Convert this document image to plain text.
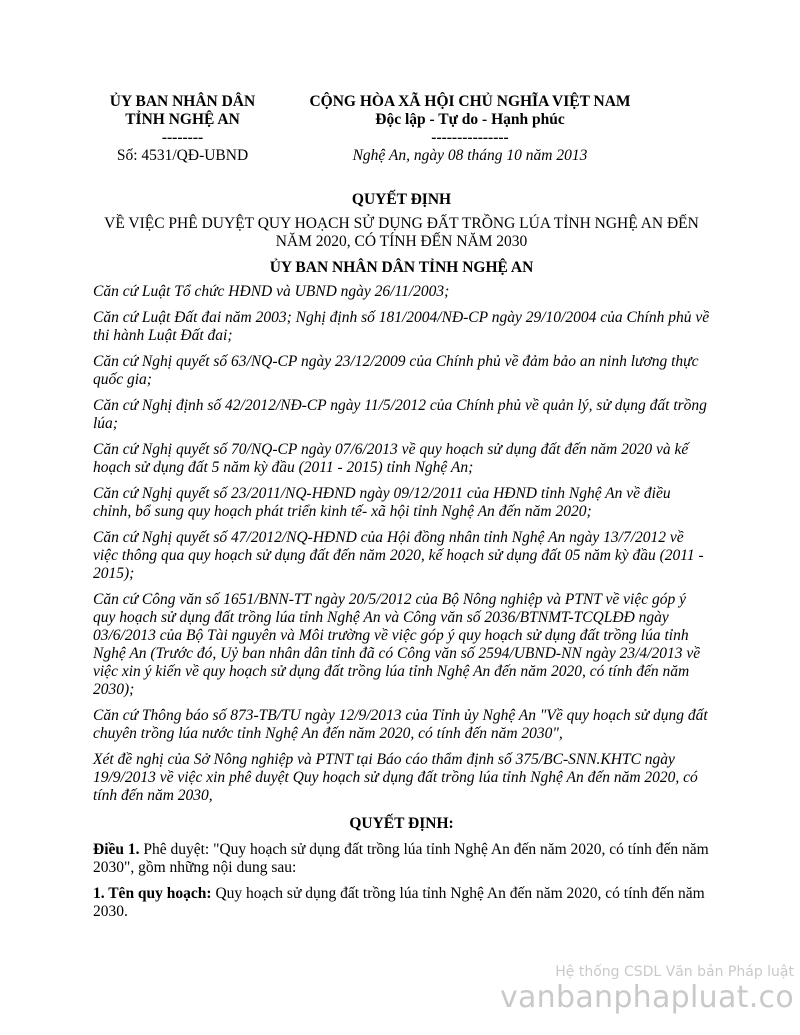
ỦY BAN NHÂN DÂN
TỈNH NGHỆ AN
--------
Số: 4531/QĐ-UBND
CỘNG HÒA XÃ HỘI CHỦ NGHĨA VIỆT NAM
Độc lập - Tự do - Hạnh phúc
---------------
Nghệ An, ngày 08 tháng 10 năm 2013
QUYẾT ĐỊNH
VỀ VIỆC PHÊ DUYỆT QUY HOẠCH SỬ DỤNG ĐẤT TRỒNG LÚA TỈNH NGHỆ AN ĐẾN NĂM 2020, CÓ TÍNH ĐẾN NĂM 2030
ỦY BAN NHÂN DÂN TỈNH NGHỆ AN

Căn cứ Luật Tổ chức HĐND và UBND ngày 26/11/2003;

Căn cứ Luật Đất đai năm 2003; Nghị định số 181/2004/NĐ-CP ngày 29/10/2004 của Chính phủ về thi hành Luật Đất đai;

Căn cứ Nghị quyết số 63/NQ-CP ngày 23/12/2009 của Chính phủ về đảm bảo an ninh lương thực quốc gia;

Căn cứ Nghị định số 42/2012/NĐ-CP ngày 11/5/2012 của Chính phủ về quản lý, sử dụng đất trồng lúa;

Căn cứ Nghị quyết số 70/NQ-CP ngày 07/6/2013 về quy hoạch sử dụng đất đến năm 2020 và kế hoạch sử dụng đất 5 năm kỳ đầu (2011 - 2015) tỉnh Nghệ An;

Căn cứ Nghị quyết số 23/2011/NQ-HĐND ngày 09/12/2011 của HĐND tỉnh Nghệ An về điều chỉnh, bổ sung quy hoạch phát triển kinh tế- xã hội tỉnh Nghệ An đến năm 2020;

Căn cứ Nghị quyết số 47/2012/NQ-HĐND của Hội đồng nhân tỉnh Nghệ An ngày 13/7/2012 về việc thông qua quy hoạch sử dụng đất đến năm 2020, kế hoạch sử dụng đất 05 năm kỳ đầu (2011 - 2015);

Căn cứ Công văn số 1651/BNN-TT ngày 20/5/2012 của Bộ Nông nghiệp và PTNT về việc góp ý quy hoạch sử dụng đất trồng lúa tỉnh Nghệ An và Công văn số 2036/BTNMT-TCQLĐĐ ngày 03/6/2013 của Bộ Tài nguyên và Môi trường về việc góp ý quy hoạch sử dụng đất trồng lúa tỉnh Nghệ An (Trước đó, Uỷ ban nhân dân tỉnh đã có Công văn số 2594/UBND-NN ngày 23/4/2013 về việc xin ý kiến về quy hoạch sử dụng đất trồng lúa tỉnh Nghệ An đến năm 2020, có tính đến năm 2030);

Căn cứ Thông báo số 873-TB/TU ngày 12/9/2013 của Tỉnh ủy Nghệ An "Về quy hoạch sử dụng đất chuyên trồng lúa nước tỉnh Nghệ An đến năm 2020, có tính đến năm 2030",

Xét đề nghị của Sở Nông nghiệp và PTNT tại Báo cáo thẩm định số 375/BC-SNN.KHTC ngày 19/9/2013 về việc xin phê duyệt Quy hoạch sử dụng đất trồng lúa tỉnh Nghệ An đến năm 2020, có tính đến năm 2030,

QUYẾT ĐỊNH:

Điều 1. Phê duyệt: "Quy hoạch sử dụng đất trồng lúa tỉnh Nghệ An đến năm 2020, có tính đến năm 2030", gồm những nội dung sau:

1. Tên quy hoạch: Quy hoạch sử dụng đất trồng lúa tỉnh Nghệ An đến năm 2020, có tính đến năm 2030.

Hệ thống CSDL Văn bản Pháp luật
vanbanphapluat.co
